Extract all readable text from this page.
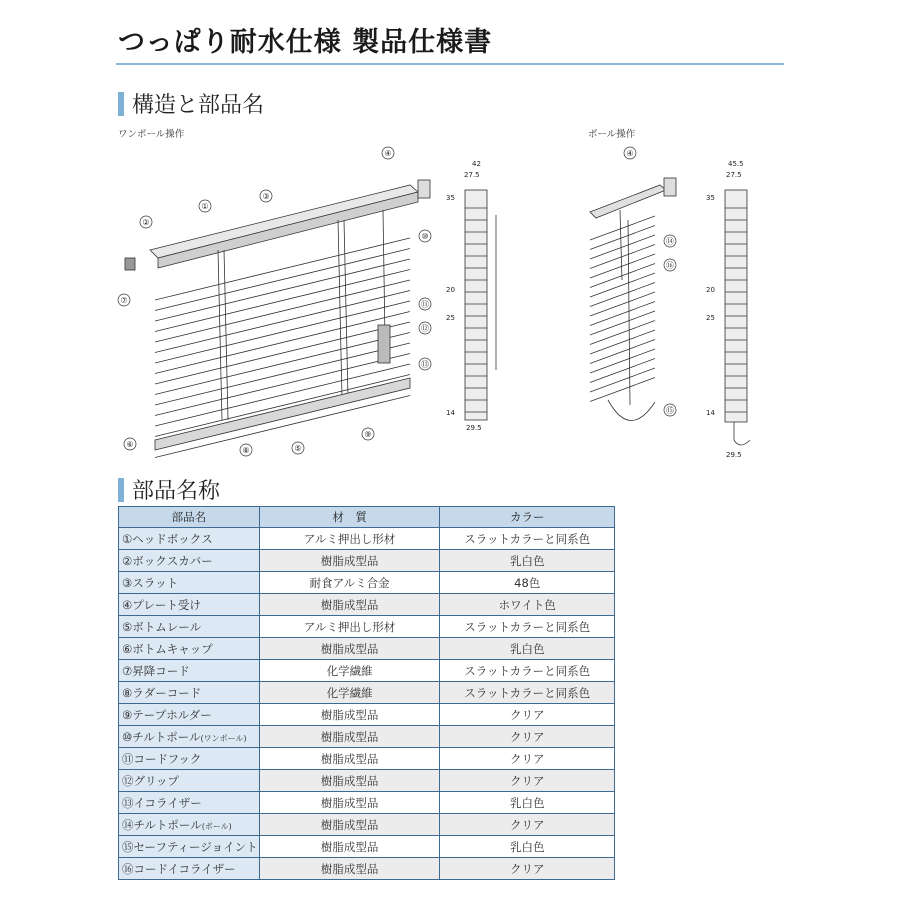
つっぱり耐水仕様 製品仕様書
構造と部品名
ワンポール操作	ポール操作
①
②
③
④
⑤
⑥
⑦
⑧
⑨
⑩
⑪
⑫
⑬
④
⑭
⑯
⑮
42
27.5
35
20
25
14
29.5
45.5
27.5
35
20
25
14
29.5
部品名称
部品名	材　質	カラー
①ヘッドボックス	アルミ押出し形材	スラットカラーと同系色
②ボックスカバー	樹脂成型品	乳白色
③スラット	耐食アルミ合金	48色
④プレート受け	樹脂成型品	ホワイト色
⑤ボトムレール	アルミ押出し形材	スラットカラーと同系色
⑥ボトムキャップ	樹脂成型品	乳白色
⑦昇降コード	化学繊維	スラットカラーと同系色
⑧ラダーコード	化学繊維	スラットカラーと同系色
⑨テープホルダー	樹脂成型品	クリア
⑩チルトポール(ワンポール)	樹脂成型品	クリア
⑪コードフック	樹脂成型品	クリア
⑫グリップ	樹脂成型品	クリア
⑬イコライザー	樹脂成型品	乳白色
⑭チルトポール(ポール)	樹脂成型品	クリア
⑮セーフティージョイント	樹脂成型品	乳白色
⑯コードイコライザー	樹脂成型品	クリア
